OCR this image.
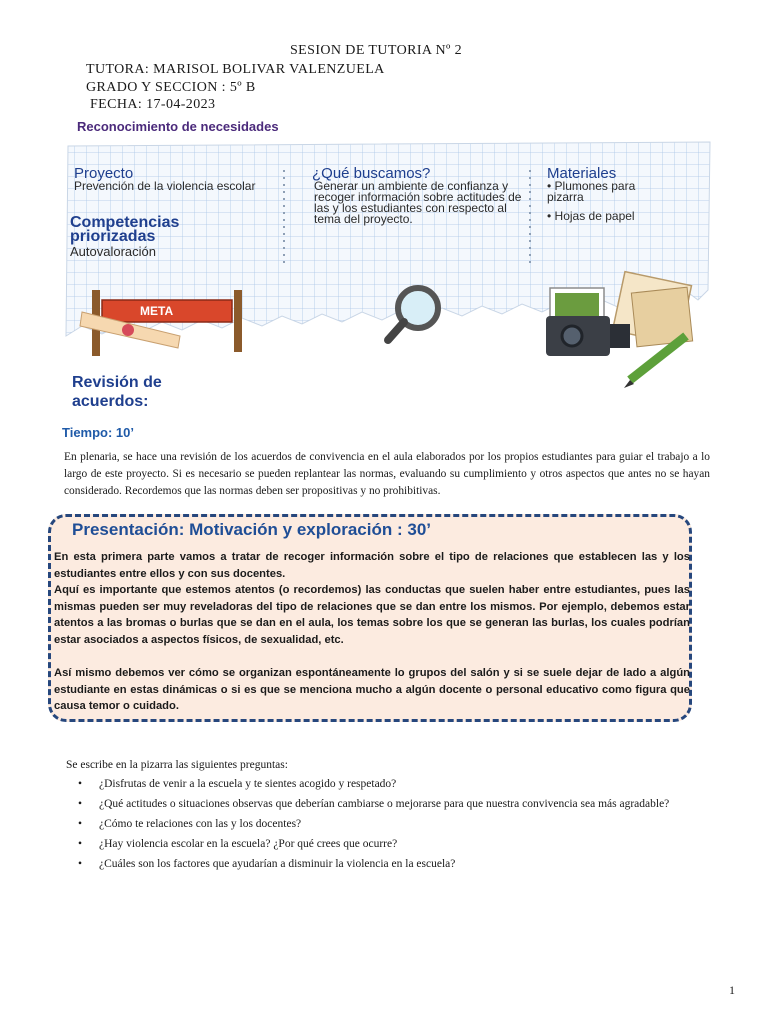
SESION DE TUTORIA Nº 2
TUTORA: MARISOL BOLIVAR VALENZUELA
GRADO Y SECCION : 5º B
FECHA: 17-04-2023
Reconocimiento de necesidades
Proyecto
Prevención de la violencia escolar
Competencias priorizadas
Autovaloración
¿Qué buscamos?
Generar un ambiente de confianza y recoger información sobre actitudes de las y los estudiantes con respecto al tema del proyecto.
Materiales
• Plumones para pizarra
• Hojas de papel
META
Revisión de acuerdos:
Tiempo: 10’
En plenaria, se hace una revisión de los acuerdos de convivencia en el aula elaborados por los propios estudiantes para guiar el trabajo a lo largo de este proyecto. Si es necesario se pueden replantear las normas, evaluando su cumplimiento y otros aspectos que antes no se hayan considerado. Recordemos que las normas deben ser propositivas y no prohibitivas.
Presentación: Motivación y exploración : 30’
En esta primera parte vamos a tratar de recoger información sobre el tipo de relaciones que establecen las y los estudiantes entre ellos y con sus docentes.
Aquí es importante que estemos atentos (o recordemos) las conductas que suelen haber entre estudiantes, pues las mismas pueden ser muy reveladoras del tipo de relaciones que se dan entre los mismos. Por ejemplo, debemos estar atentos a las bromas o burlas que se dan en el aula, los temas sobre los que se generan las burlas, los cuales podrían estar asociados a aspectos físicos, de sexualidad, etc.
Así mismo debemos ver cómo se organizan espontáneamente lo grupos del salón y si se suele dejar de lado a algún estudiante en estas dinámicas o si es que se menciona mucho a algún docente o personal educativo como figura que causa temor o cuidado.
Se escribe en la pizarra las siguientes preguntas:
• ¿Disfrutas de venir a la escuela y te sientes acogido y respetado?
• ¿Qué actitudes o situaciones observas que deberían cambiarse o mejorarse para que nuestra convivencia sea más agradable?
• ¿Cómo te relaciones con las y los docentes?
• ¿Hay violencia escolar en la escuela? ¿Por qué crees que ocurre?
• ¿Cuáles son los factores que ayudarían a disminuir la violencia en la escuela?
1
